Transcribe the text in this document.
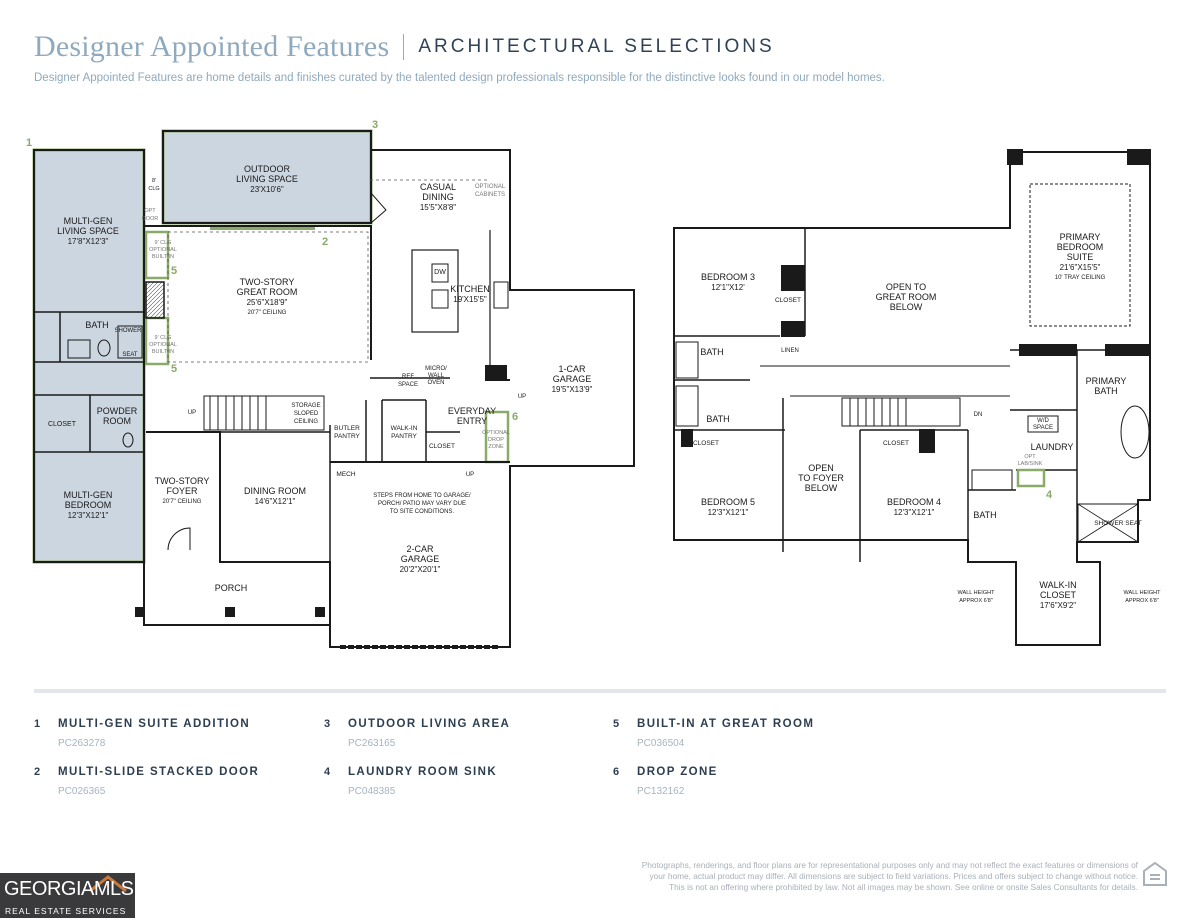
Designer Appointed Features ARCHITECTURAL SELECTIONS
Designer Appointed Features are home details and finishes curated by the talented design professionals responsible for the distinctive looks found in our model homes.
OUTDOOR
LIVING SPACE
23'X10'6"
MULTI-GEN
LIVING SPACE
17'8"X12'3"
TWO-STORY
GREAT ROOM
25'6"X18'9"
20'7" CEILING
CASUAL
DINING
15'5"X8'8"
OPTIONAL
CABINETS
KITCHEN
19'X15'5"
DW
1-CAR
GARAGE
19'5"X13'9"
BATH
SHOWER
SEAT
POWDER
ROOM
CLOSET
MULTI-GEN
BEDROOM
12'3"X12'1"
TWO-STORY
FOYER
20'7" CEILING
DINING ROOM
14'6"X12'1"
PORCH
2-CAR
GARAGE
20'2"X20'1"
STEPS FROM HOME TO GARAGE/
PORCH/ PATIO MAY VARY DUE
TO SITE CONDITIONS.
BUTLER
PANTRY
WALK-IN
PANTRY
MECH
EVERYDAY
ENTRY
OPTIONAL
DROP
ZONE
CLOSET
REF
SPACE
MICRO/
WALL
OVEN
STORAGE
SLOPED
CEILING
9' CLG
OPTIONAL
BUILT-IN
9' CLG
OPTIONAL
BUILT-IN
8'
CLG
OPT
DOOR
UP
UP
UP
1
2
3
5
5
6
4
BEDROOM 3
12'1"X12'	OPEN TO
GREAT ROOM
BELOW
PRIMARY
BEDROOM
SUITE
21'6"X15'5"
10' TRAY CEILING
CLOSET
LINEN
BATH
BATH
CLOSET	CLOSET
PRIMARY
BATH
W/D
SPACE
LAUNDRY
OPT
LAB/SINK
BEDROOM 5
12'3"X12'1"
OPEN
TO FOYER
BELOW
BEDROOM 4
12'3"X12'1"	BATH
SHOWER SEAT
WALK-IN
CLOSET
17'6"X9'2"
WALL HEIGHT
APPROX 6'8"
WALL HEIGHT
APPROX 6'8"
DN
1 MULTI-GEN SUITE ADDITION
PC263278
2 MULTI-SLIDE STACKED DOOR
PC026365
3 OUTDOOR LIVING AREA
PC263165
4 LAUNDRY ROOM SINK
PC048385
5 BUILT-IN AT GREAT ROOM
PC036504
6 DROP ZONE
PC132162
Photographs, renderings, and floor plans are for representational purposes only and may not reflect the exact features or dimensions of
your home, actual product may differ. All dimensions are subject to field variations. Prices and offers subject to change without notice.
This is not an offering where prohibited by law. Not all images may be shown. See online or onsite Sales Consultants for details.
GEORGIAMLS
REAL ESTATE SERVICES
